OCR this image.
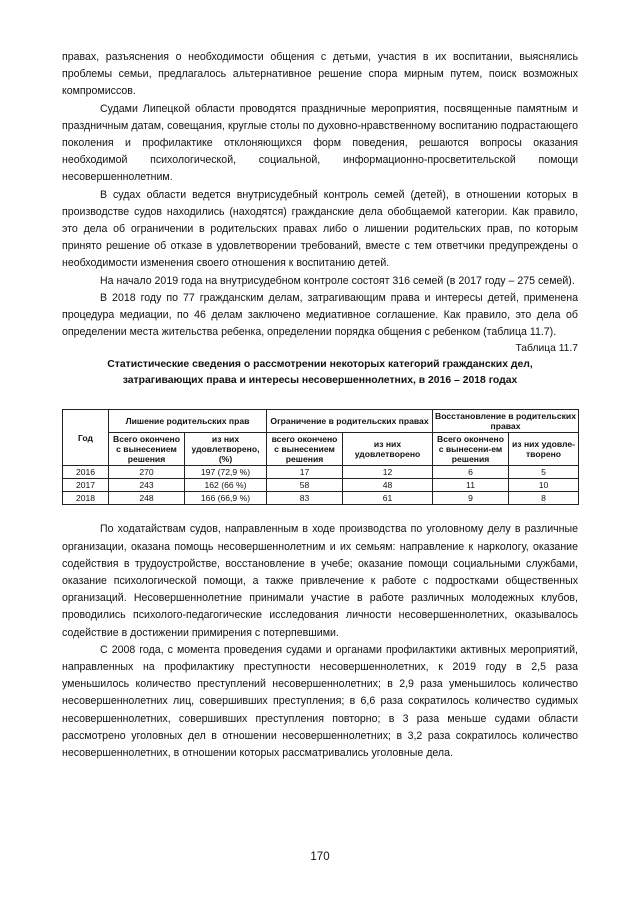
правах, разъяснения о необходимости общения с детьми, участия в их воспитании, выяснялись проблемы семьи, предлагалось альтернативное решение спора мирным путем, поиск возможных компромиссов.

Судами Липецкой области проводятся праздничные мероприятия, посвященные памятным и праздничным датам, совещания, круглые столы по духовно-нравственному воспитанию подрастающего поколения и профилактике отклоняющихся форм поведения, решаются вопросы оказания необходимой психологической, социальной, информационно-просветительской помощи несовершеннолетним.

В судах области ведется внутрисудебный контроль семей (детей), в отношении которых в производстве судов находились (находятся) гражданские дела обобщаемой категории. Как правило, это дела об ограничении в родительских правах либо о лишении родительских прав, по которым принято решение об отказе в удовлетворении требований, вместе с тем ответчики предупреждены о необходимости изменения своего отношения к воспитанию детей.

На начало 2019 года на внутрисудебном контроле состоят 316 семей (в 2017 году – 275 семей).

В 2018 году по 77 гражданским делам, затрагивающим права и интересы детей, применена процедура медиации, по 46 делам заключено медиативное соглашение. Как правило, это дела об определении места жительства ребенка, определении порядка общения с ребенком (таблица 11.7).

Таблица 11.7

Статистические сведения о рассмотрении некоторых категорий гражданских дел,
затрагивающих права и интересы несовершеннолетних, в 2016 – 2018 годах

Год	Лишение родительских прав		Ограничение в родительских правах		Восстановление в родительских правах	
	Всего окончено с вынесением решения	из них удовлетворено, (%)	всего окончено с вынесением решения	из них удовлетворено	Всего окончено с вынесени-ем решения	из них удовле-творено
2016	270	197 (72,9 %)	17	12	6	5
2017	243	162 (66 %)	58	48	11	10
2018	248	166 (66,9 %)	83	61	9	8

По ходатайствам судов, направленным в ходе производства по уголовному делу в различные организации, оказана помощь несовершеннолетним и их семьям: направление к наркологу, оказание содействия в трудоустройстве, восстановление в учебе; оказание помощи социальными службами, оказание психологической помощи, а также привлечение к работе с подростками общественных организаций. Несовершеннолетние принимали участие в работе различных молодежных клубов, проводились психолого-педагогические исследования личности несовершеннолетних, оказывалось содействие в достижении примирения с потерпевшими.

С 2008 года, с момента проведения судами и органами профилактики активных мероприятий, направленных на профилактику преступности несовершеннолетних, к 2019 году в 2,5 раза уменьшилось количество преступлений несовершеннолетних; в 2,9 раза уменьшилось количество несовершеннолетних лиц, совершивших преступления; в 6,6 раза сократилось количество судимых несовершеннолетних, совершивших преступления повторно; в 3 раза меньше судами области рассмотрено уголовных дел в отношении несовершеннолетних; в 3,2 раза сократилось количество несовершеннолетних, в отношении которых рассматривались уголовные дела.

170
